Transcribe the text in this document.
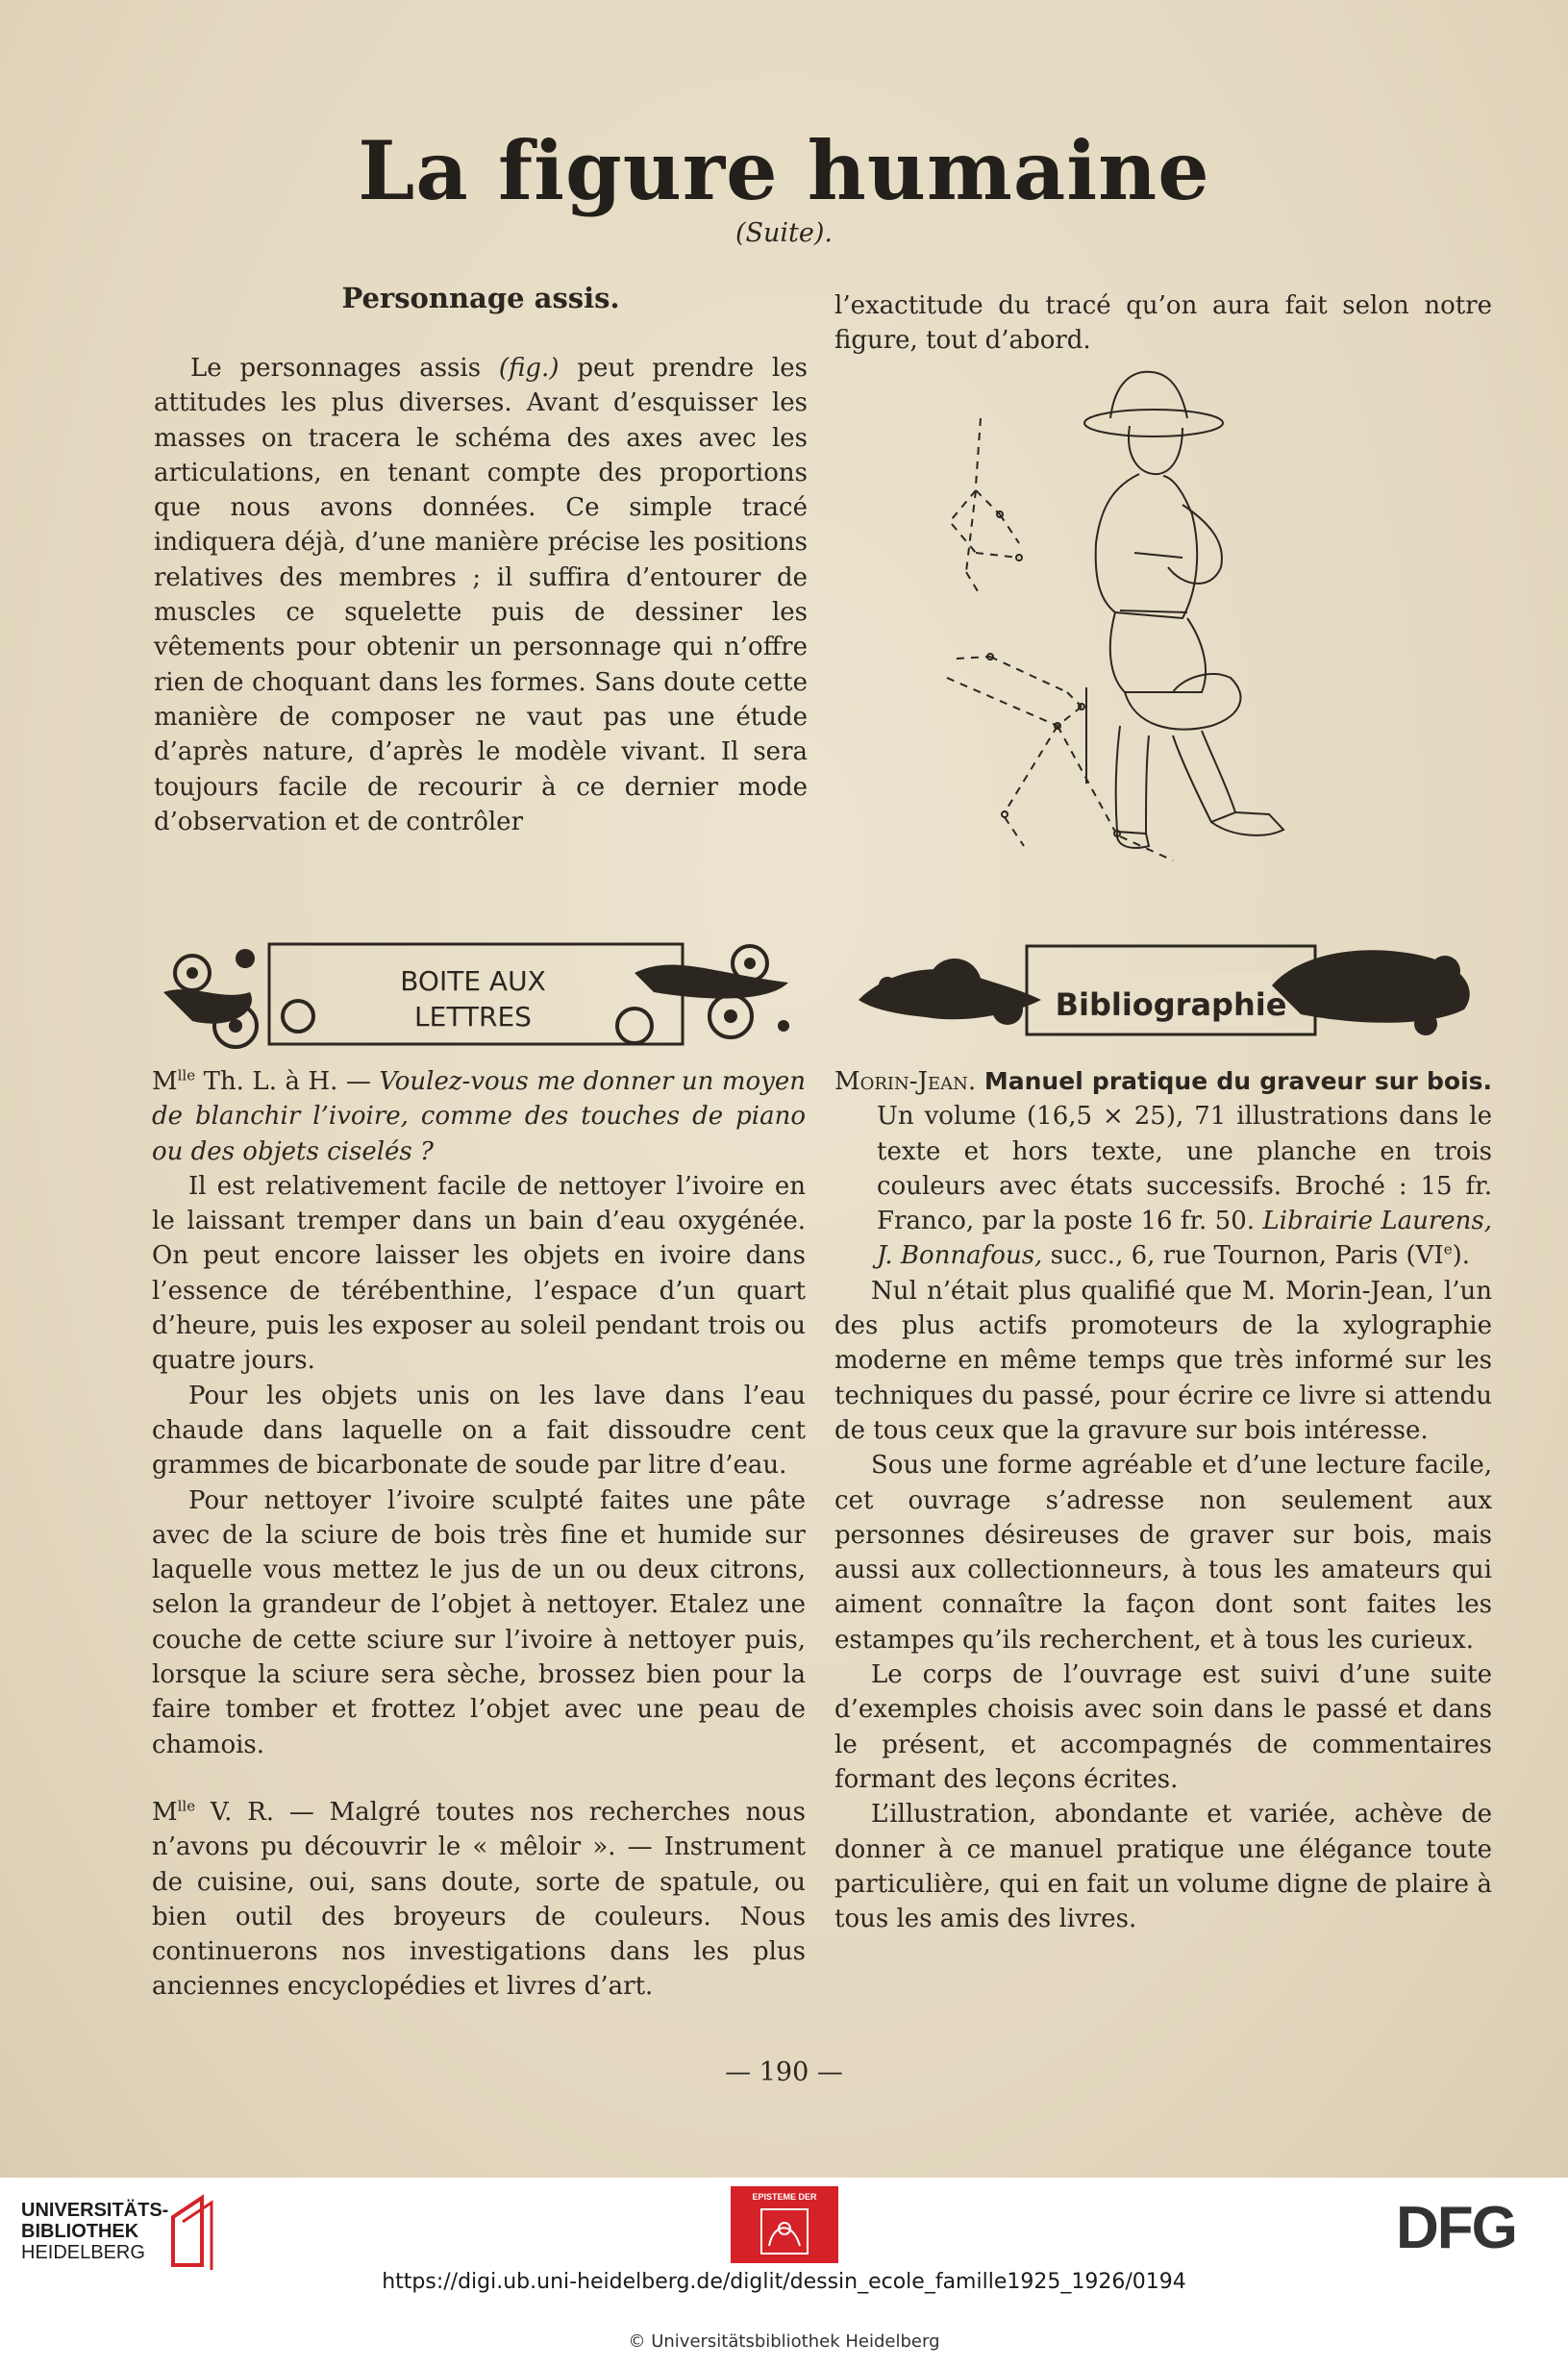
La figure humaine
(Suite).
Personnage assis.

Le personnages assis (fig.) peut prendre les attitudes les plus diverses. Avant d’esquisser les masses on tracera le schéma des axes avec les articulations, en tenant compte des proportions que nous avons données. Ce simple tracé indiquera déjà, d’une manière précise les positions relatives des membres ; il suffira d’entourer de muscles ce squelette puis de dessiner les vêtements pour obtenir un personnage qui n’offre rien de choquant dans les formes. Sans doute cette manière de composer ne vaut pas une étude d’après nature, d’après le modèle vivant. Il sera toujours facile de recourir à ce dernier mode d’observation et de contrôler

l’exactitude du tracé qu’on aura fait selon notre figure, tout d’abord.

BOITE AUX
LETTRES	Bibliographie

$M^{lle}$ Th. L. à H. — Voulez-vous me donner un moyen de blanchir l’ivoire, comme des touches de piano ou des objets ciselés ?

Il est relativement facile de nettoyer l’ivoire en le laissant tremper dans un bain d’eau oxygénée. On peut encore laisser les objets en ivoire dans l’essence de térébenthine, l’espace d’un quart d’heure, puis les exposer au soleil pendant trois ou quatre jours.

Pour les objets unis on les lave dans l’eau chaude dans laquelle on a fait dissoudre cent grammes de bicarbonate de soude par litre d’eau.

Pour nettoyer l’ivoire sculpté faites une pâte avec de la sciure de bois très fine et humide sur laquelle vous mettez le jus de un ou deux citrons, selon la grandeur de l’objet à nettoyer. Etalez une couche de cette sciure sur l’ivoire à nettoyer puis, lorsque la sciure sera sèche, brossez bien pour la faire tomber et frottez l’objet avec une peau de chamois.

$M^{lle}$ V. R. — Malgré toutes nos recherches nous n’avons pu découvrir le « mêloir ». — Instrument de cuisine, oui, sans doute, sorte de spatule, ou bien outil des broyeurs de couleurs. Nous continuerons nos investigations dans les plus anciennes encyclopédies et livres d’art.

Morin-Jean. Manuel pratique du graveur sur bois. Un volume (16,5 × 25), 71 illustrations dans le texte et hors texte, une planche en trois couleurs avec états successifs. Broché : 15 fr. Franco, par la poste 16 fr. 50. Librairie Laurens, J. Bonnafous, succ., 6, rue Tournon, Paris (VIe).

Nul n’était plus qualifié que M. Morin-Jean, l’un des plus actifs promoteurs de la xylographie moderne en même temps que très informé sur les techniques du passé, pour écrire ce livre si attendu de tous ceux que la gravure sur bois intéresse.

Sous une forme agréable et d’une lecture facile, cet ouvrage s’adresse non seulement aux personnes désireuses de graver sur bois, mais aussi aux collectionneurs, à tous les amateurs qui aiment connaître la façon dont sont faites les estampes qu’ils recherchent, et à tous les curieux.

Le corps de l’ouvrage est suivi d’une suite d’exemples choisis avec soin dans le passé et dans le présent, et accompagnés de commentaires formant des leçons écrites.

L’illustration, abondante et variée, achève de donner à ce manuel pratique une élégance toute particulière, qui en fait un volume digne de plaire à tous les amis des livres.

— 190 —
UNIVERSITÄTS-
BIBLIOTHEK
HEIDELBERG
EPISTEME DER	DFG
https://digi.ub.uni-heidelberg.de/diglit/dessin_ecole_famille1925_1926/0194
© Universitätsbibliothek Heidelberg
